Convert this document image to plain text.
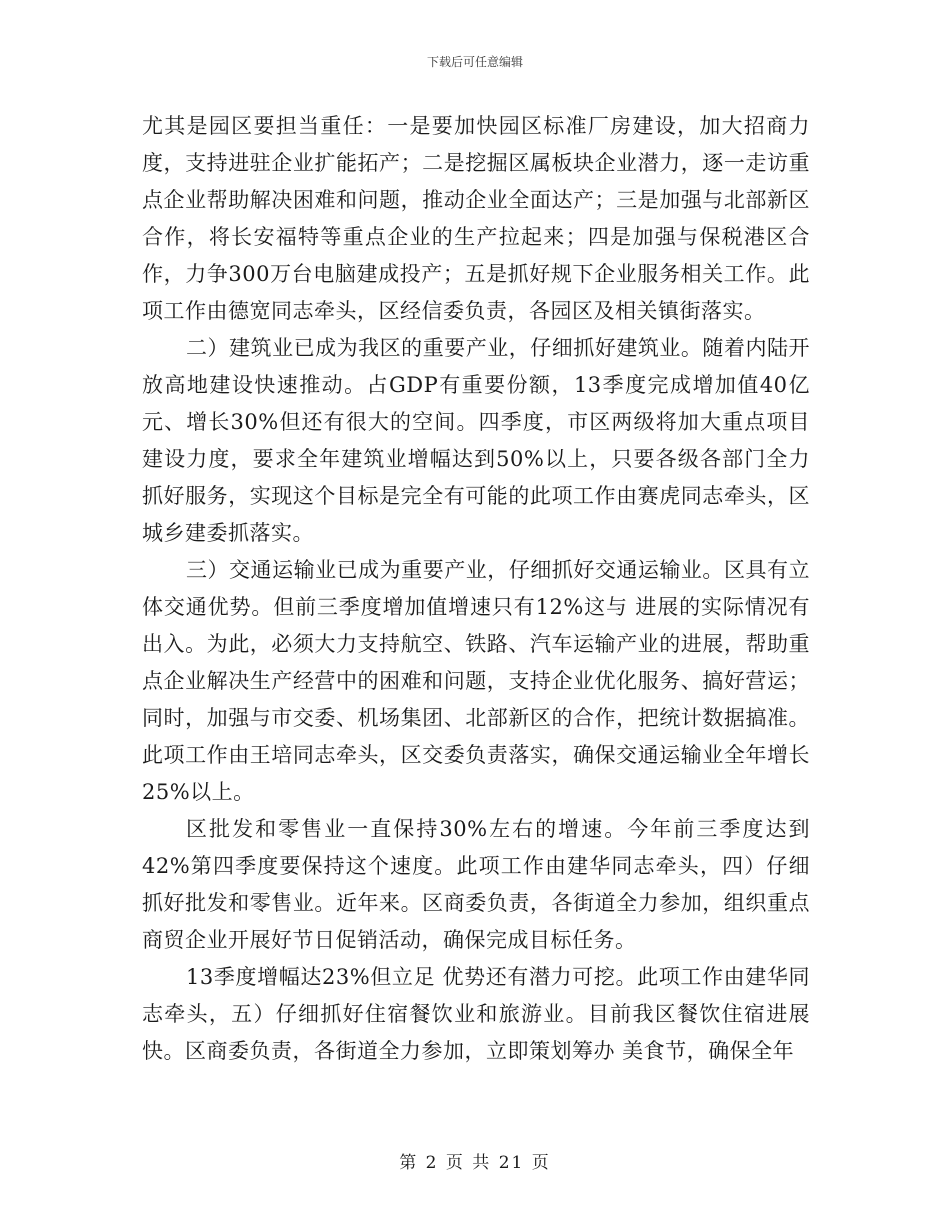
下载后可任意编辑

尤其是园区要担当重任：一是要加快园区标准厂房建设，加大招商力度，支持进驻企业扩能拓产；二是挖掘区属板块企业潜力，逐一走访重点企业帮助解决困难和问题，推动企业全面达产；三是加强与北部新区合作，将长安福特等重点企业的生产拉起来；四是加强与保税港区合作，力争300万台电脑建成投产；五是抓好规下企业服务相关工作。此项工作由德宽同志牵头，区经信委负责，各园区及相关镇街落实。

二）建筑业已成为我区的重要产业，仔细抓好建筑业。随着内陆开放高地建设快速推动。占GDP有重要份额，13季度完成增加值40亿元、增长30%但还有很大的空间。四季度，市区两级将加大重点项目建设力度，要求全年建筑业增幅达到50%以上，只要各级各部门全力抓好服务，实现这个目标是完全有可能的此项工作由赛虎同志牵头，区城乡建委抓落实。

三）交通运输业已成为重要产业，仔细抓好交通运输业。区具有立体交通优势。但前三季度增加值增速只有12%这与 进展的实际情况有出入。为此，必须大力支持航空、铁路、汽车运输产业的进展，帮助重点企业解决生产经营中的困难和问题，支持企业优化服务、搞好营运；同时，加强与市交委、机场集团、北部新区的合作，把统计数据搞准。此项工作由王培同志牵头，区交委负责落实，确保交通运输业全年增长25%以上。

区批发和零售业一直保持30%左右的增速。今年前三季度达到42%第四季度要保持这个速度。此项工作由建华同志牵头，四）仔细抓好批发和零售业。近年来。区商委负责，各街道全力参加，组织重点商贸企业开展好节日促销活动，确保完成目标任务。

13季度增幅达23%但立足 优势还有潜力可挖。此项工作由建华同志牵头，五）仔细抓好住宿餐饮业和旅游业。目前我区餐饮住宿进展快。区商委负责，各街道全力参加，立即策划筹办 美食节，确保全年

第 2 页 共 21 页
